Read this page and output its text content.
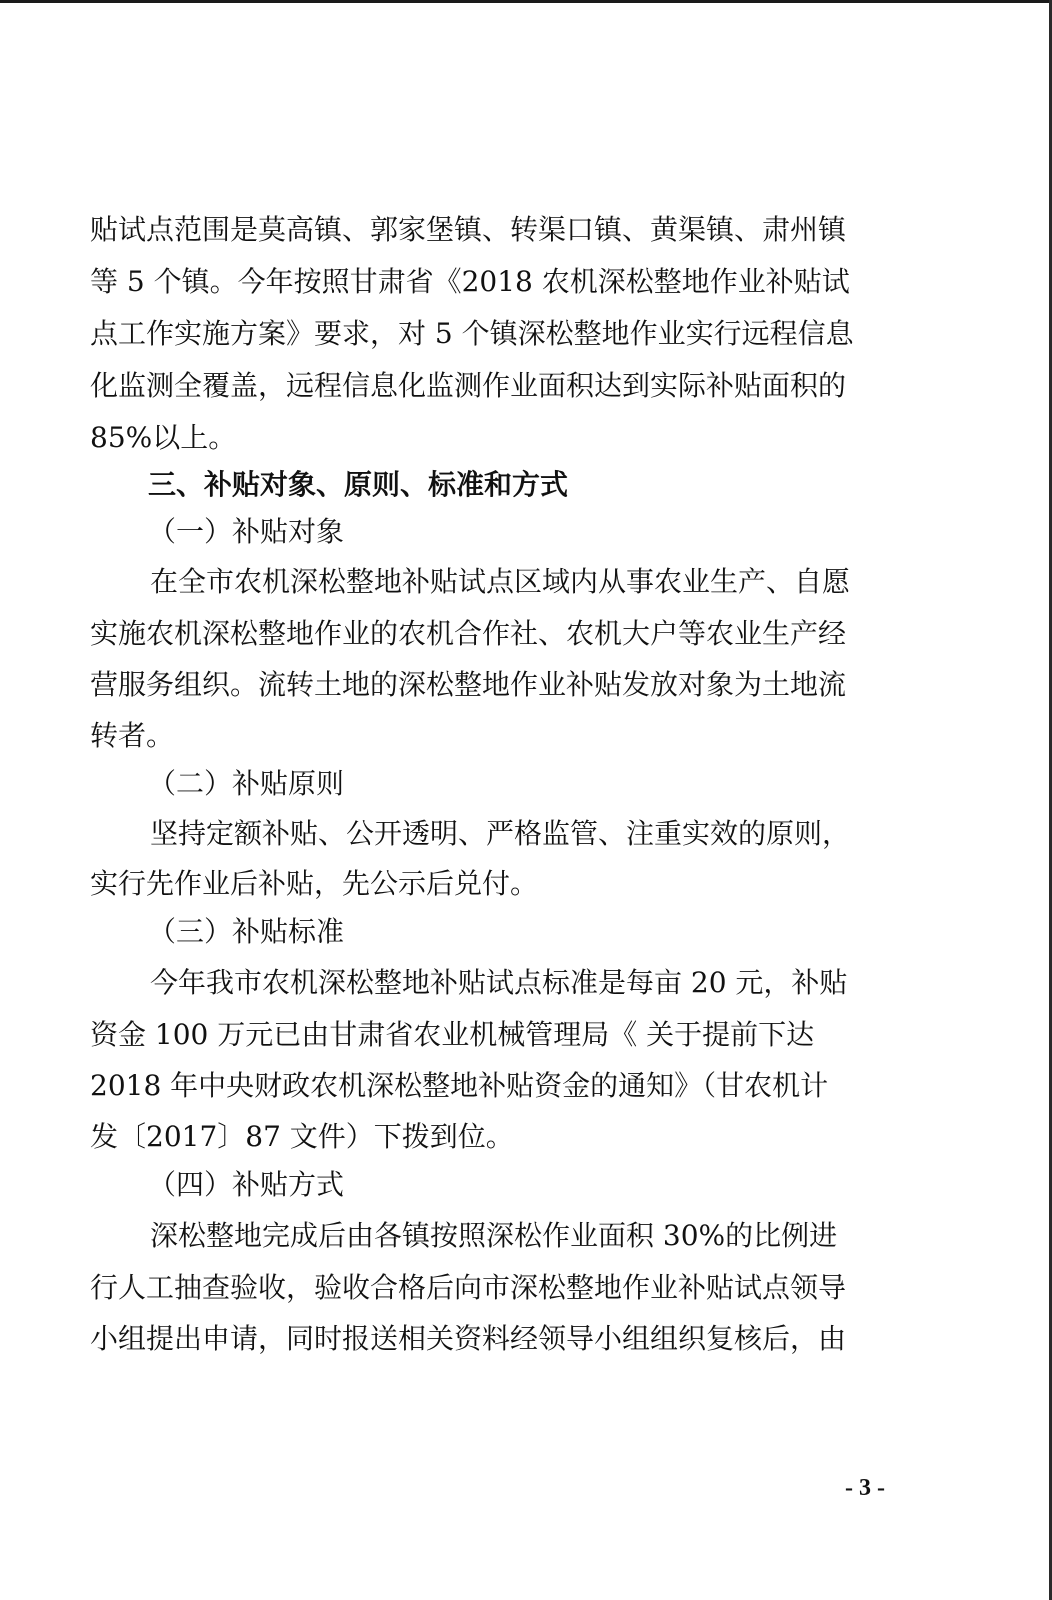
贴试点范围是莫高镇、郭家堡镇、转渠口镇、黄渠镇、肃州镇
等 5 个镇。今年按照甘肃省《2018 农机深松整地作业补贴试
点工作实施方案》要求，对 5 个镇深松整地作业实行远程信息
化监测全覆盖，远程信息化监测作业面积达到实际补贴面积的
85%以上。
三、补贴对象、原则、标准和方式
（一）补贴对象
在全市农机深松整地补贴试点区域内从事农业生产、自愿
实施农机深松整地作业的农机合作社、农机大户等农业生产经
营服务组织。流转土地的深松整地作业补贴发放对象为土地流
转者。
（二）补贴原则
坚持定额补贴、公开透明、严格监管、注重实效的原则，
实行先作业后补贴，先公示后兑付。
（三）补贴标准
今年我市农机深松整地补贴试点标准是每亩 20 元，补贴
资金 100 万元已由甘肃省农业机械管理局《 关于提前下达
2018 年中央财政农机深松整地补贴资金的通知》（甘农机计
发〔2017〕87 文件）下拨到位。
（四）补贴方式
深松整地完成后由各镇按照深松作业面积 30%的比例进
行人工抽查验收，验收合格后向市深松整地作业补贴试点领导
小组提出申请，同时报送相关资料经领导小组组织复核后，由
- 3 -
